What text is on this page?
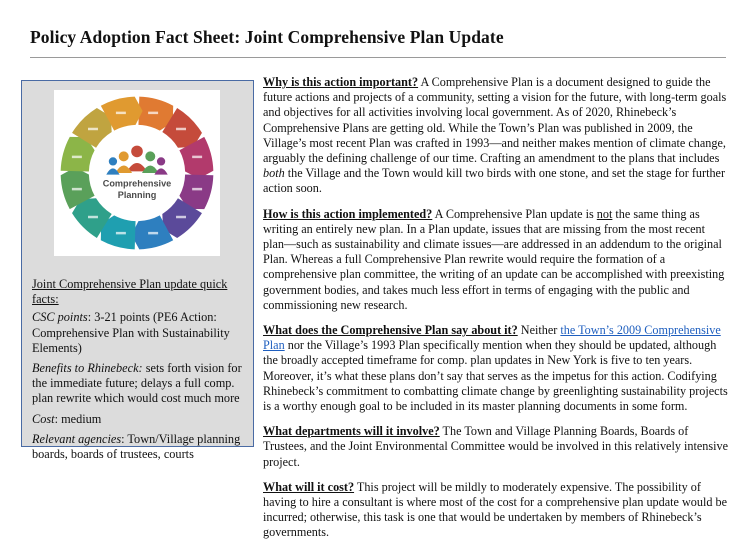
Policy Adoption Fact Sheet: Joint Comprehensive Plan Update
Comprehensive
Planning

Joint Comprehensive Plan update quick facts:

CSC points: 3-21 points (PE6 Action: Comprehensive Plan with Sustainability Elements)

Benefits to Rhinebeck: sets forth vision for the immediate future; delays a full comp. plan rewrite which would cost much more

Cost: medium

Relevant agencies: Town/Village planning boards, boards of trustees, courts

Why is this action important? A Comprehensive Plan is a document designed to guide the future actions and projects of a community, setting a vision for the future, with long-term goals and objectives for all activities involving local government. As of 2020, Rhinebeck’s Comprehensive Plans are getting old. While the Town’s Plan was published in 2009, the Village’s most recent Plan was crafted in 1993—and neither makes mention of climate change, arguably the defining challenge of our time. Crafting an amendment to the plans that includes both the Village and the Town would kill two birds with one stone, and set the stage for further action soon.

How is this action implemented? A Comprehensive Plan update is not the same thing as writing an entirely new plan. In a Plan update, issues that are missing from the most recent plan—such as sustainability and climate issues—are addressed in an addendum to the original Plan. Whereas a full Comprehensive Plan rewrite would require the formation of a comprehensive plan committee, the writing of an update can be accomplished with preexisting government bodies, and takes much less effort in terms of engaging with the public and commissioning new research.

What does the Comprehensive Plan say about it? Neither the Town’s 2009 Comprehensive Plan nor the Village’s 1993 Plan specifically mention when they should be updated, although the broadly accepted timeframe for comp. plan updates in New York is five to ten years. Moreover, it’s what these plans don’t say that serves as the impetus for this action. Codifying Rhinebeck’s commitment to combatting climate change by greenlighting sustainability projects is a worthy enough goal to be included in its master planning documents in some form.

What departments will it involve? The Town and Village Planning Boards, Boards of Trustees, and the Joint Environmental Committee would be involved in this relatively intensive project.

What will it cost? This project will be mildly to moderately expensive. The possibility of having to hire a consultant is where most of the cost for a comprehensive plan update would be incurred; otherwise, this task is one that would be undertaken by members of Rhinebeck’s governments.
